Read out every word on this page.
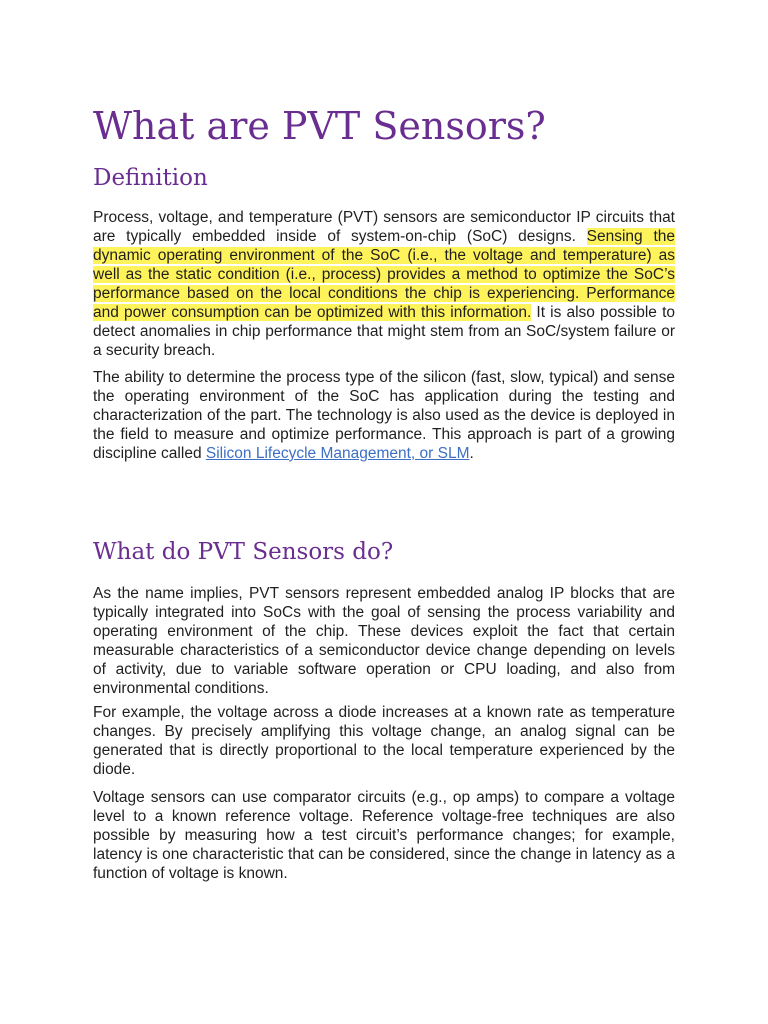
What are PVT Sensors?
Definition

Process, voltage, and temperature (PVT) sensors are semiconductor IP circuits that are typically embedded inside of system-on-chip (SoC) designs. Sensing the dynamic operating environment of the SoC (i.e., the voltage and temperature) as well as the static condition (i.e., process) provides a method to optimize the SoC’s performance based on the local conditions the chip is experiencing. Performance and power consumption can be optimized with this information. It is also possible to detect anomalies in chip performance that might stem from an SoC/system failure or a security breach.

The ability to determine the process type of the silicon (fast, slow, typical) and sense the operating environment of the SoC has application during the testing and characterization of the part. The technology is also used as the device is deployed in the field to measure and optimize performance. This approach is part of a growing discipline called Silicon Lifecycle Management, or SLM.

What do PVT Sensors do?

As the name implies, PVT sensors represent embedded analog IP blocks that are typically integrated into SoCs with the goal of sensing the process variability and operating environment of the chip. These devices exploit the fact that certain measurable characteristics of a semiconductor device change depending on levels of activity, due to variable software operation or CPU loading, and also from environmental conditions.

For example, the voltage across a diode increases at a known rate as temperature changes. By precisely amplifying this voltage change, an analog signal can be generated that is directly proportional to the local temperature experienced by the diode.

Voltage sensors can use comparator circuits (e.g., op amps) to compare a voltage level to a known reference voltage. Reference voltage-free techniques are also possible by measuring how a test circuit’s performance changes; for example, latency is one characteristic that can be considered, since the change in latency as a function of voltage is known.
